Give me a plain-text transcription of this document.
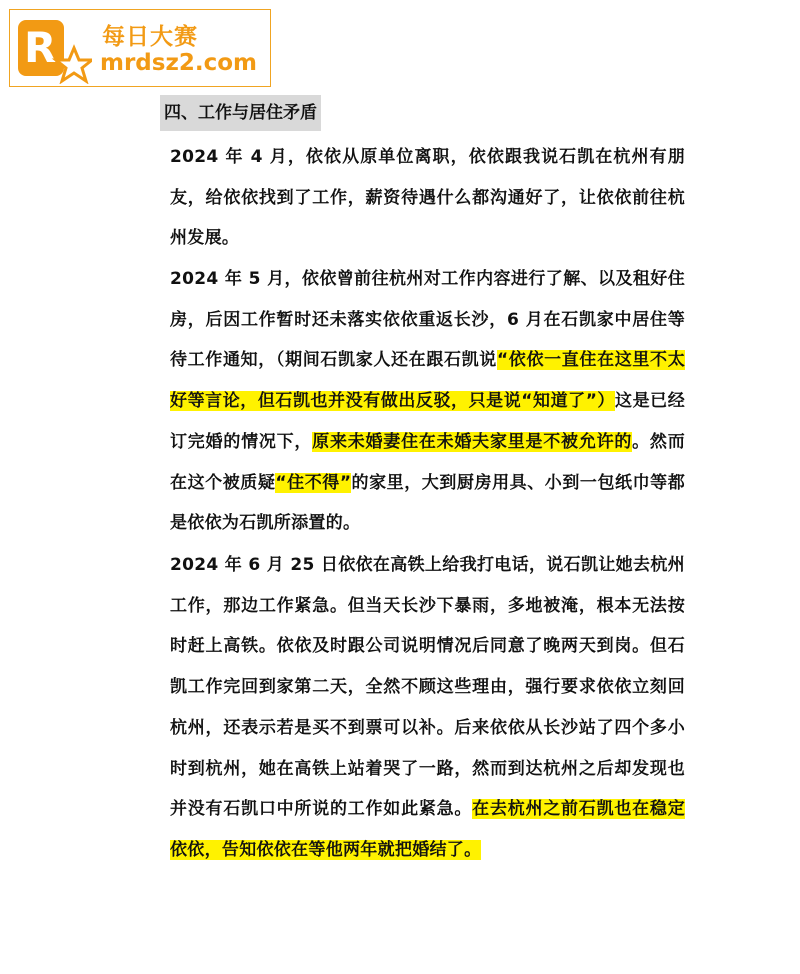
R 每日大赛
mrdsz2.com
四、工作与居住矛盾

2024 年 4 月，依依从原单位离职，依依跟我说石凯在杭州有朋友，给依依找到了工作，薪资待遇什么都沟通好了，让依依前往杭州发展。

2024 年 5 月，依依曾前往杭州对工作内容进行了解、以及租好住房，后因工作暂时还未落实依依重返长沙，6 月在石凯家中居住等待工作通知，（期间石凯家人还在跟石凯说“依依一直住在这里不太好等言论，但石凯也并没有做出反驳，只是说“知道了”）这是已经订完婚的情况下，原来未婚妻住在未婚夫家里是不被允许的。然而在这个被质疑“住不得”的家里，大到厨房用具、小到一包纸巾等都是依依为石凯所添置的。

2024 年 6 月 25 日依依在高铁上给我打电话，说石凯让她去杭州工作，那边工作紧急。但当天长沙下暴雨，多地被淹，根本无法按时赶上高铁。依依及时跟公司说明情况后同意了晚两天到岗。但石凯工作完回到家第二天，全然不顾这些理由，强行要求依依立刻回杭州，还表示若是买不到票可以补。后来依依从长沙站了四个多小时到杭州，她在高铁上站着哭了一路，然而到达杭州之后却发现也并没有石凯口中所说的工作如此紧急。在去杭州之前石凯也在稳定依依，告知依依在等他两年就把婚结了。
